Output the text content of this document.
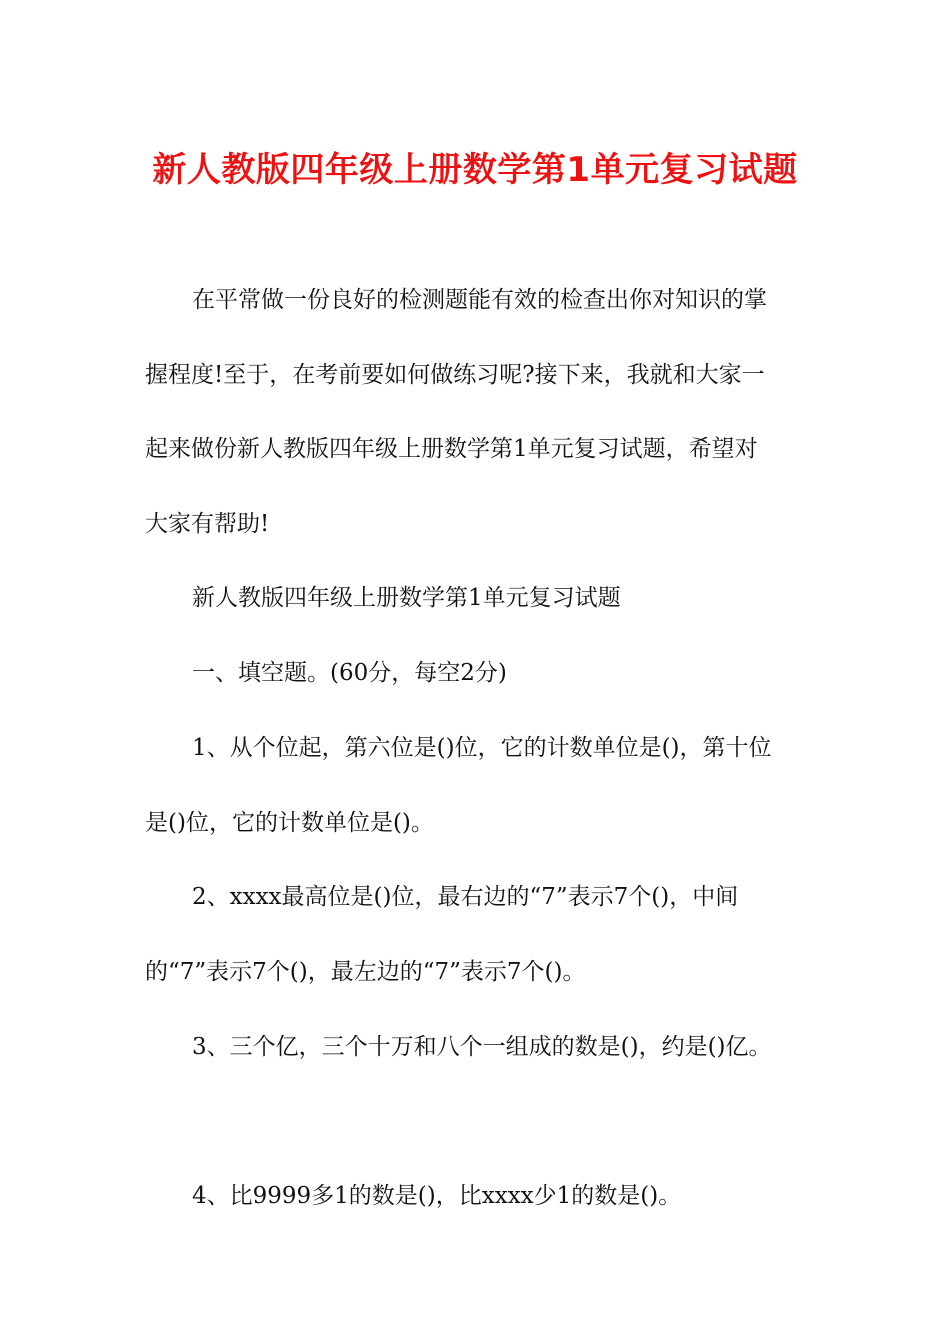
新人教版四年级上册数学第1单元复习试题
在平常做一份良好的检测题能有效的检查出你对知识的掌
握程度!至于，在考前要如何做练习呢?接下来，我就和大家一
起来做份新人教版四年级上册数学第1单元复习试题，希望对
大家有帮助!
新人教版四年级上册数学第1单元复习试题
一、填空题。(60分，每空2分)
1、从个位起，第六位是()位，它的计数单位是()，第十位
是()位，它的计数单位是()。
2、xxxx最高位是()位，最右边的“7”表示7个()，中间
的“7”表示7个()，最左边的“7”表示7个()。
3、三个亿，三个十万和八个一组成的数是()，约是()亿。
4、比9999多1的数是()，比xxxx少1的数是()。
